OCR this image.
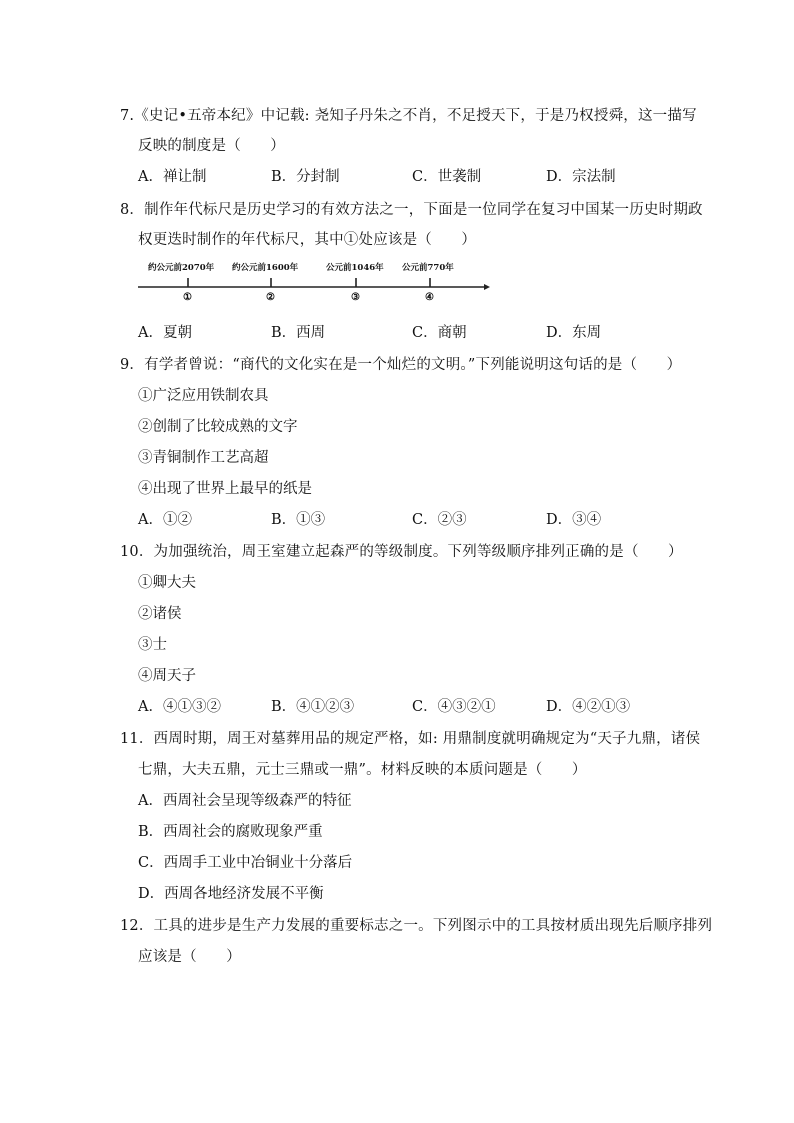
7.《史记•五帝本纪》中记载: 尧知子丹朱之不肖，不足授天下，于是乃权授舜，这一描写
反映的制度是（　　）
A．禅让制	B．分封制	C．世袭制	D．宗法制
8．制作年代标尺是历史学习的有效方法之一，下面是一位同学在复习中国某一历史时期政
权更迭时制作的年代标尺，其中①处应该是（　　）
约公元前2070年 约公元前1600年	公元前1046年 公元前770年
①	②	③	④
A．夏朝	B．西周	C．商朝	D．东周
9．有学者曾说：“商代的文化实在是一个灿烂的文明。”下列能说明这句话的是（　　）
①广泛应用铁制农具
②创制了比较成熟的文字
③青铜制作工艺高超
④出现了世界上最早的纸是
A．①②	B．①③	C．②③	D．③④
10．为加强统治，周王室建立起森严的等级制度。下列等级顺序排列正确的是（　　）
①卿大夫
②诸侯
③士
④周天子
A．④①③②	B．④①②③	C．④③②①	D．④②①③
11．西周时期，周王对墓葬用品的规定严格，如: 用鼎制度就明确规定为“天子九鼎，诸侯
七鼎，大夫五鼎，元士三鼎或一鼎”。材料反映的本质问题是（　　）
A．西周社会呈现等级森严的特征
B．西周社会的腐败现象严重
C．西周手工业中冶铜业十分落后
D．西周各地经济发展不平衡
12．工具的进步是生产力发展的重要标志之一。下列图示中的工具按材质出现先后顺序排列
应该是（　　）
